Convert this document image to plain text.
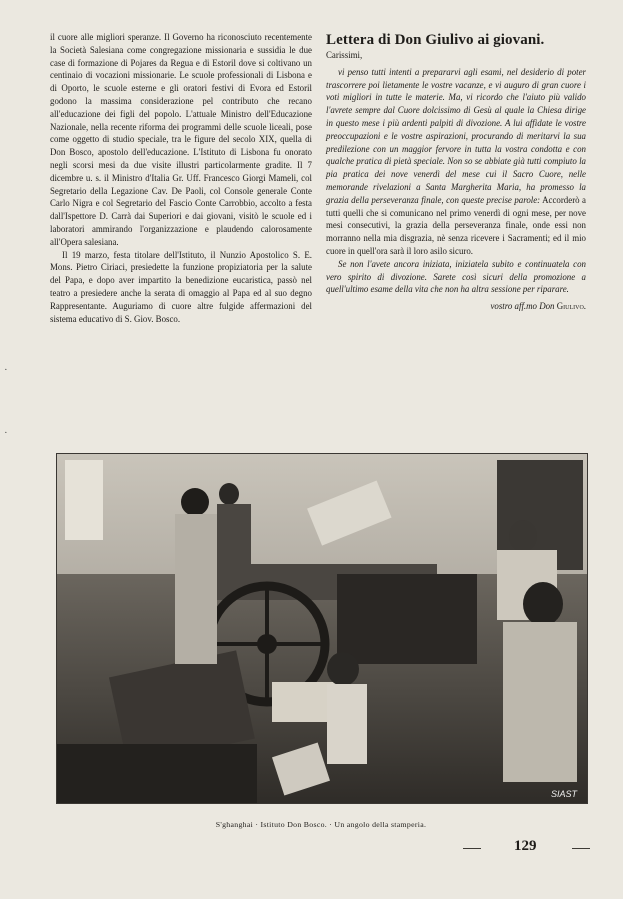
il cuore alle migliori speranze. Il Governo ha riconosciuto recentemente la Società Salesiana come congregazione missionaria e sussidia le due case di formazione di Pojares da Regua e di Estoril dove si coltivano un centinaio di vocazioni missionarie. Le scuole professionali di Lisbona e di Oporto, le scuole esterne e gli oratori festivi di Evora ed Estoril godono la massima considerazione pel contributo che recano all'educazione dei figli del popolo. L'attuale Ministro dell'Educazione Nazionale, nella recente riforma dei programmi delle scuole liceali, pose come oggetto di studio speciale, tra le figure del secolo XIX, quella di Don Bosco, apostolo dell'educazione. L'Istituto di Lisbona fu onorato negli scorsi mesi da due visite illustri particolarmente gradite. Il 7 dicembre u. s. il Ministro d'Italia Gr. Uff. Francesco Giorgi Mameli, col Segretario della Legazione Cav. De Paoli, col Console generale Conte Carlo Nigra e col Segretario del Fascio Conte Carrobbio, accolto a festa dall'Ispettore D. Carrà dai Superiori e dai giovani, visitò le scuole ed i laboratori ammirando l'organizzazione e plaudendo calorosamente all'Opera salesiana.

Il 19 marzo, festa titolare dell'Istituto, il Nunzio Apostolico S. E. Mons. Pietro Ciriaci, presiedette la funzione propiziatoria per la salute del Papa, e dopo aver impartito la benedizione eucaristica, passò nel teatro a presiedere anche la serata di omaggio al Papa ed al suo degno Rappresentante. Auguriamo di cuore altre fulgide affermazioni del sistema educativo di S. Giov. Bosco.

Lettera di Don Giulivo ai giovani.

Carissimi,

vi penso tutti intenti a prepararvi agli esami, nel desiderio di poter trascorrere poi lietamente le vostre vacanze, e vi auguro di gran cuore i voti migliori in tutte le materie. Ma, vi ricordo che l'aiuto più valido l'avrete sempre dal Cuore dolcissimo di Gesù al quale la Chiesa dirige in questo mese i più ardenti palpiti di divozione. A lui affidate le vostre preoccupazioni e le vostre aspirazioni, procurando di meritarvi la sua predilezione con un maggior fervore in tutta la vostra condotta e con qualche pratica di pietà speciale. Non so se abbiate già tutti compiuto la pia pratica dei nove venerdì del mese cui il Sacro Cuore, nelle memorande rivelazioni a Santa Margherita Maria, ha promesso la grazia della perseveranza finale, con queste precise parole: Accorderò a tutti quelli che si comunicano nel primo venerdì di ogni mese, per nove mesi consecutivi, la grazia della perseveranza finale, onde essi non morranno nella mia disgrazia, nè senza ricevere i Sacramenti; ed il mio cuore in quell'ora sarà il loro asilo sicuro.

Se non l'avete ancora iniziata, iniziatela subito e continuatela con vero spirito di divozione. Sarete così sicuri della promozione a quell'ultimo esame della vita che non ha altra sessione per riparare.

vostro aff.mo Don Giulivo.

SIAST
S'ghanghai · Istituto Don Bosco. · Un angolo della stamperia.
129
·
·
